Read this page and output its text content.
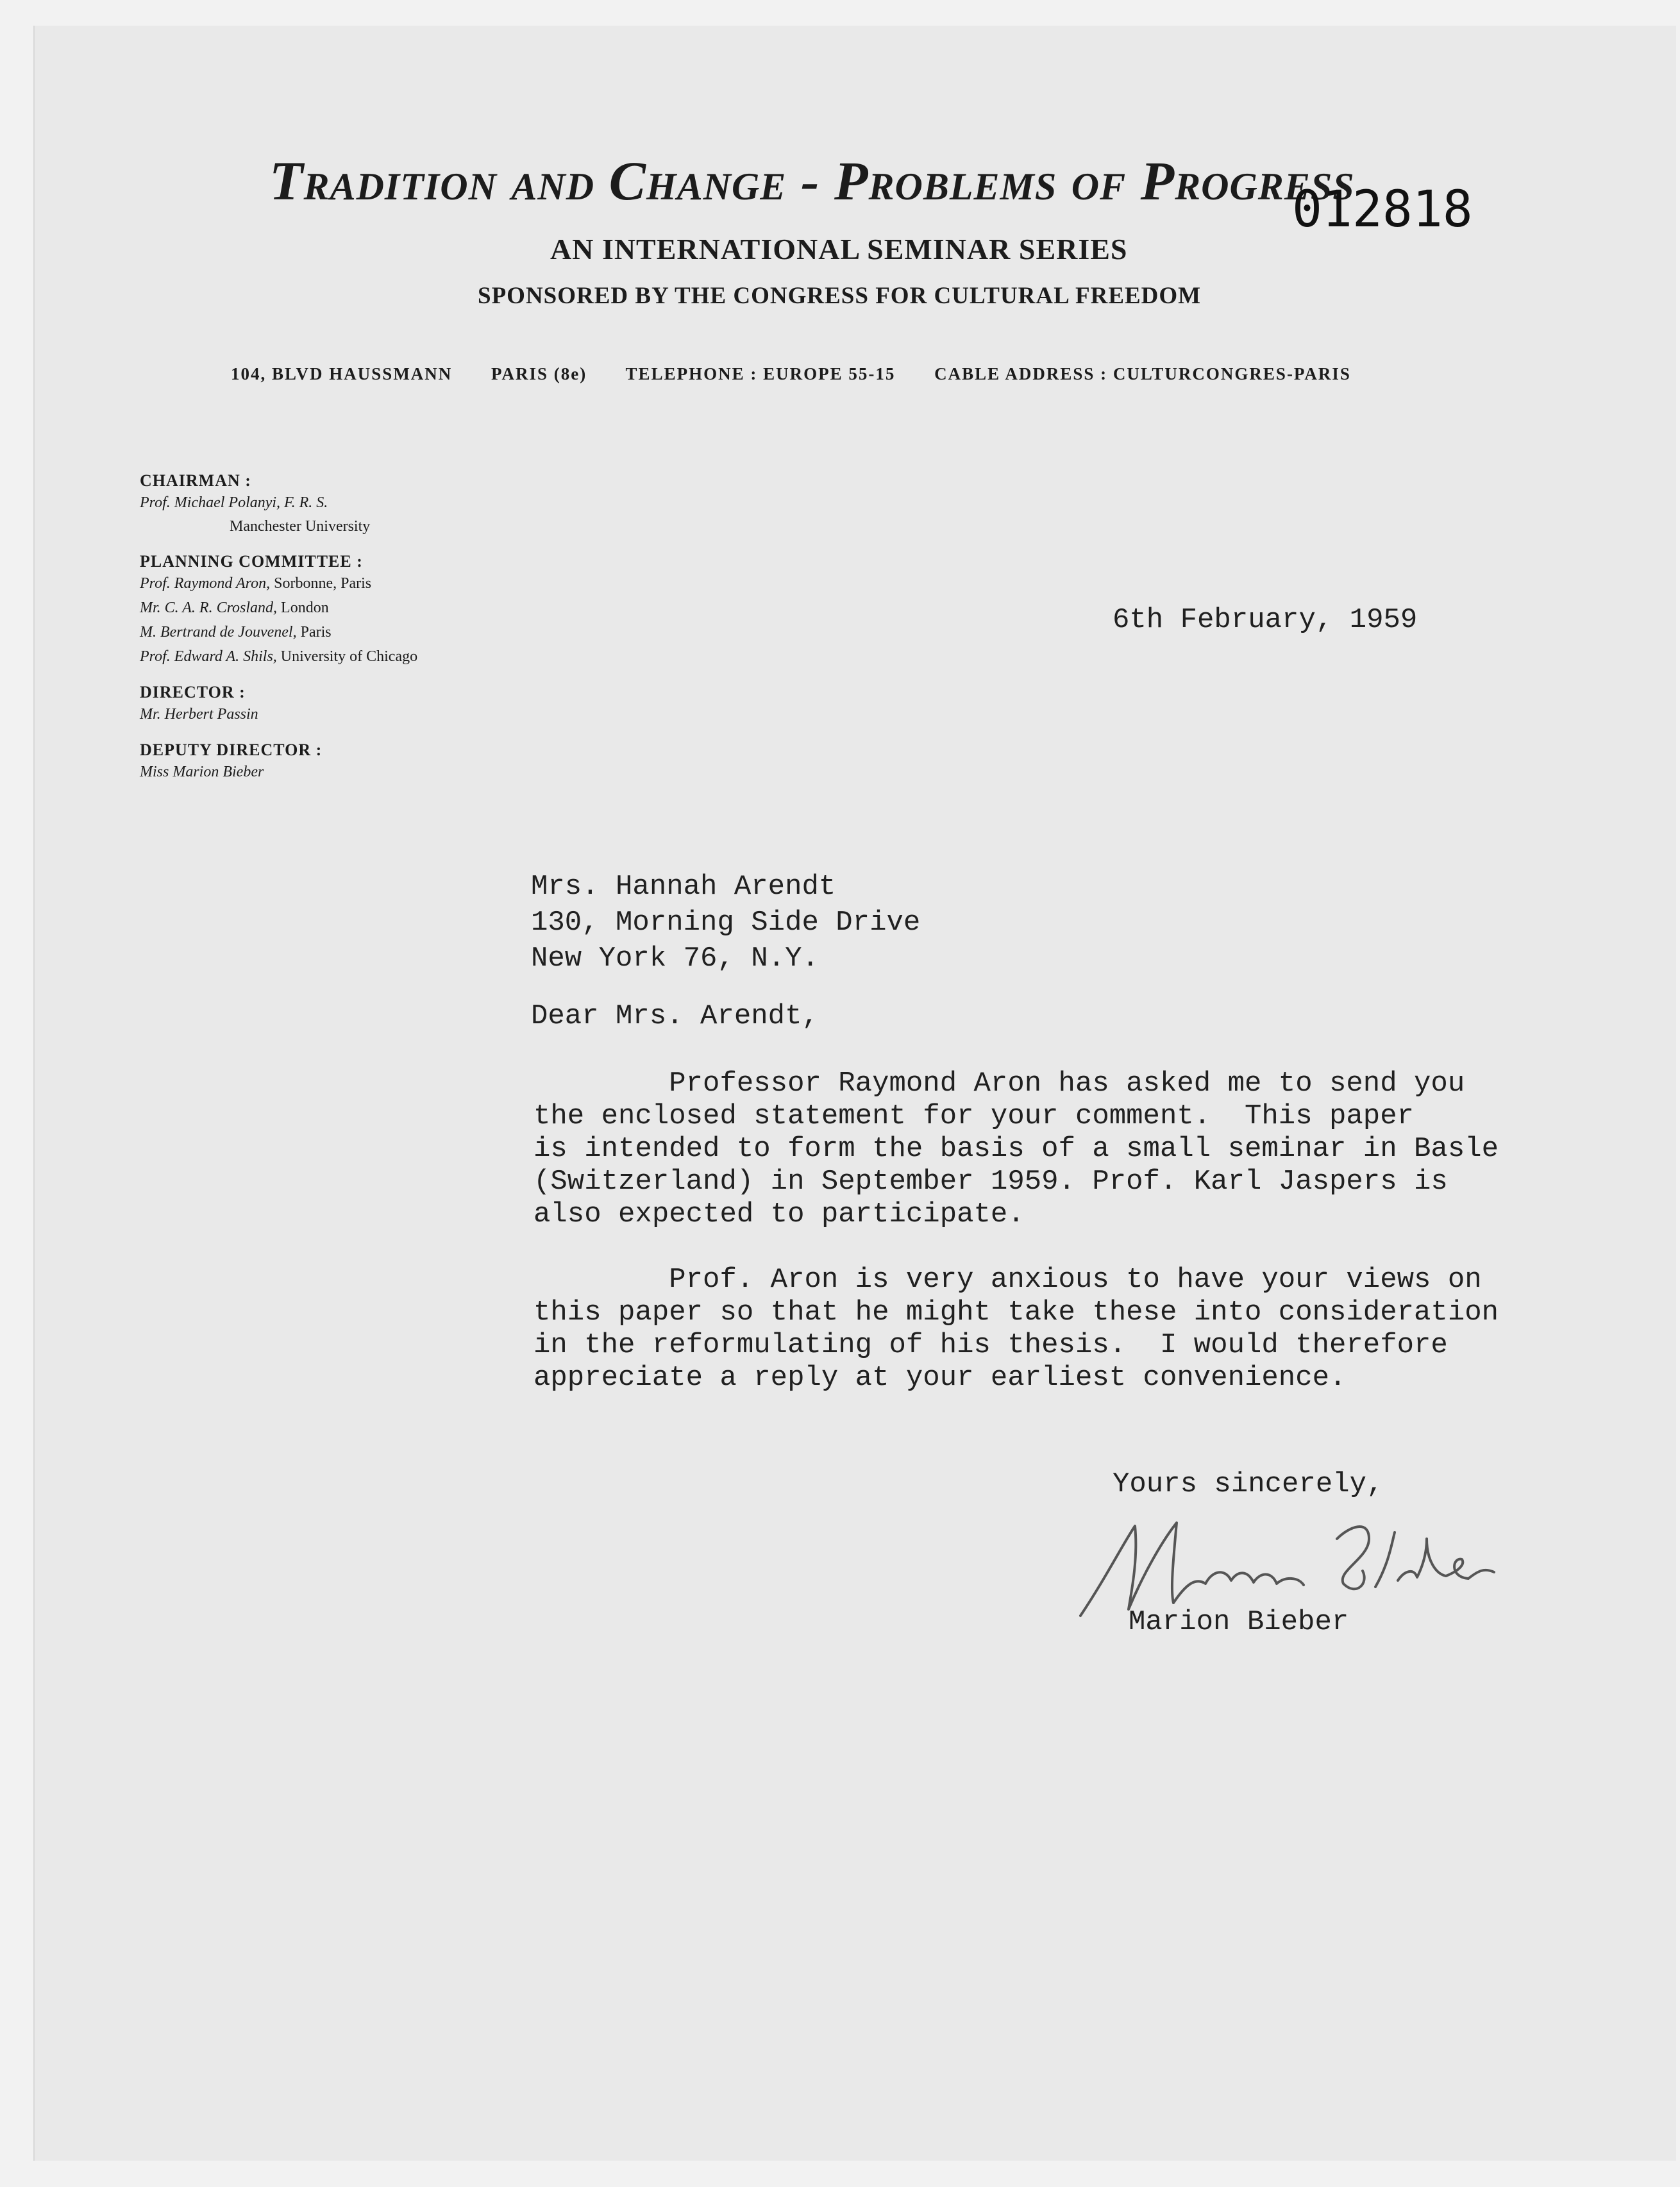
Tradition and Change - Problems of Progress
012818
AN INTERNATIONAL SEMINAR SERIES
SPONSORED BY THE CONGRESS FOR CULTURAL FREEDOM
104, BLVD HAUSSMANN PARIS (8e) TELEPHONE : EUROPE 55-15 CABLE ADDRESS : CULTURCONGRES-PARIS
CHAIRMAN :
Prof. Michael Polanyi, F. R. S.
Manchester University
PLANNING COMMITTEE :
Prof. Raymond Aron, Sorbonne, Paris
Mr. C. A. R. Crosland, London
M. Bertrand de Jouvenel, Paris
Prof. Edward A. Shils, University of Chicago
DIRECTOR :
Mr. Herbert Passin
DEPUTY DIRECTOR :
Miss Marion Bieber
6th February, 1959
Mrs. Hannah Arendt
130, Morning Side Drive
New York 76, N.Y.
Dear Mrs. Arendt,
Professor Raymond Aron has asked me to send you
the enclosed statement for your comment.  This paper
is intended to form the basis of a small seminar in Basle
(Switzerland) in September 1959. Prof. Karl Jaspers is
also expected to participate.

Prof. Aron is very anxious to have your views on
this paper so that he might take these into consideration
in the reformulating of his thesis.  I would therefore
appreciate a reply at your earliest convenience.
Yours sincerely,
Marion Bieber
